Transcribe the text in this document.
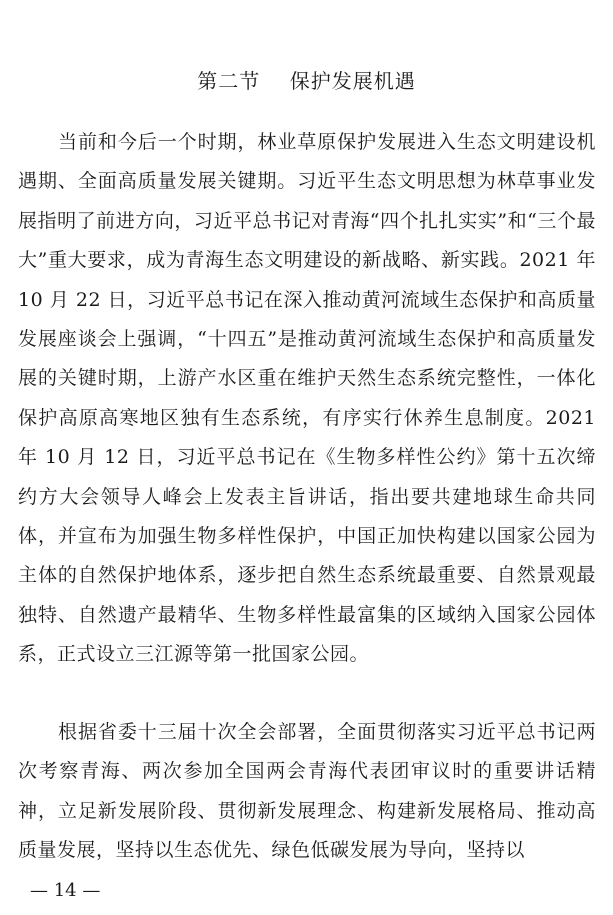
第二节    保护发展机遇

当前和今后一个时期，林业草原保护发展进入生态文明建设机遇期、全面高质量发展关键期。习近平生态文明思想为林草事业发展指明了前进方向，习近平总书记对青海“四个扎扎实实”和“三个最大”重大要求，成为青海生态文明建设的新战略、新实践。2021 年 10 月 22 日，习近平总书记在深入推动黄河流域生态保护和高质量发展座谈会上强调，“十四五”是推动黄河流域生态保护和高质量发展的关键时期，上游产水区重在维护天然生态系统完整性，一体化保护高原高寒地区独有生态系统，有序实行休养生息制度。2021 年 10 月 12 日，习近平总书记在《生物多样性公约》第十五次缔约方大会领导人峰会上发表主旨讲话，指出要共建地球生命共同体，并宣布为加强生物多样性保护，中国正加快构建以国家公园为主体的自然保护地体系，逐步把自然生态系统最重要、自然景观最独特、自然遗产最精华、生物多样性最富集的区域纳入国家公园体系，正式设立三江源等第一批国家公园。

根据省委十三届十次全会部署，全面贯彻落实习近平总书记两次考察青海、两次参加全国两会青海代表团审议时的重要讲话精神，立足新发展阶段、贯彻新发展理念、构建新发展格局、推动高质量发展，坚持以生态优先、绿色低碳发展为导向，坚持以

— 14 —
